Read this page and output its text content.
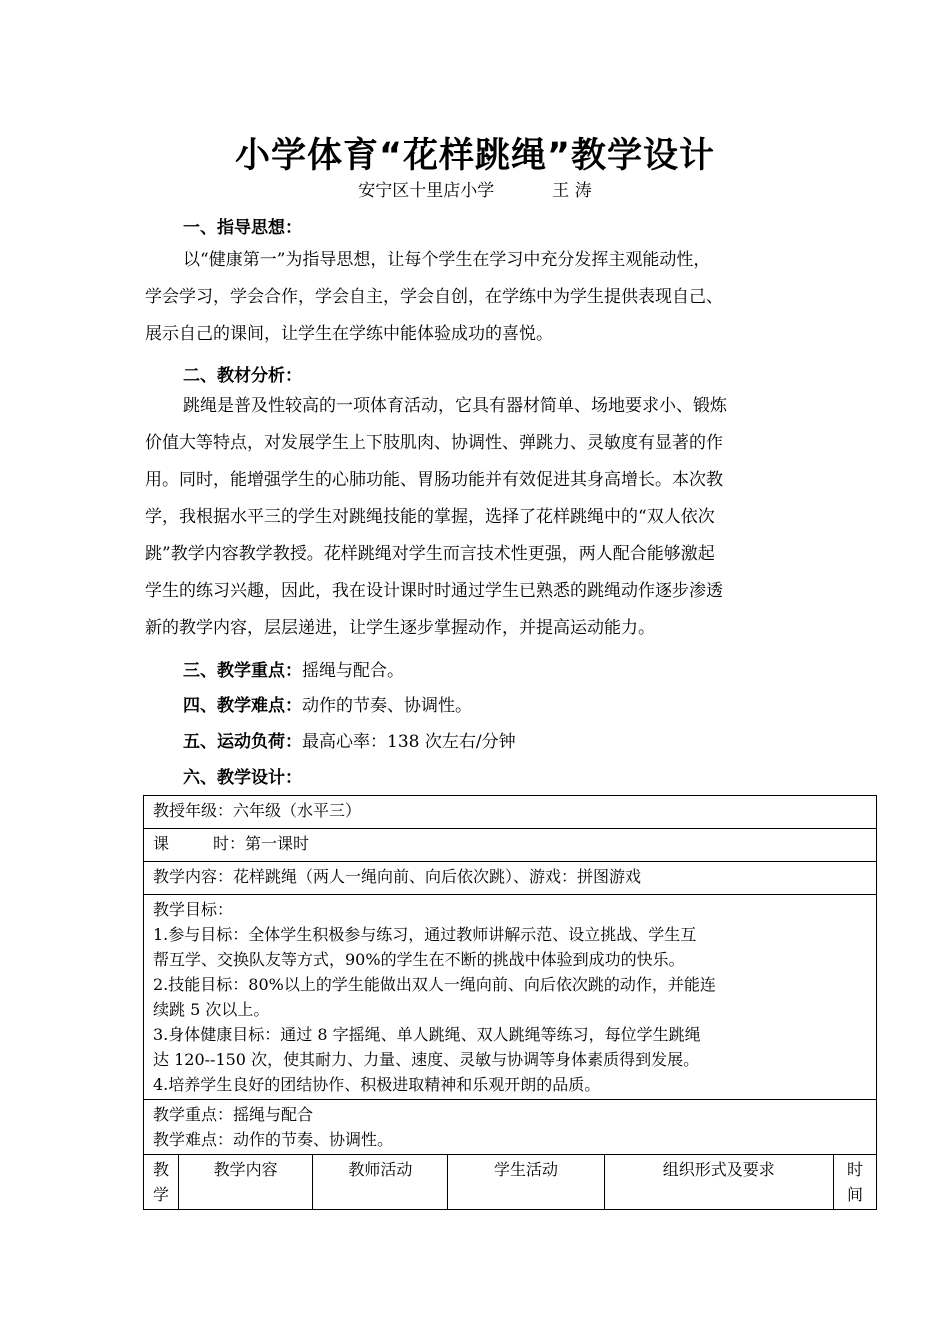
小学体育“花样跳绳”教学设计
安宁区十里店小学	王 涛
一、指导思想：
以“健康第一”为指导思想，让每个学生在学习中充分发挥主观能动性，
学会学习，学会合作，学会自主，学会自创，在学练中为学生提供表现自己、
展示自己的课间，让学生在学练中能体验成功的喜悦。
二、教材分析：
跳绳是普及性较高的一项体育活动，它具有器材简单、场地要求小、锻炼
价值大等特点，对发展学生上下肢肌肉、协调性、弹跳力、灵敏度有显著的作
用。同时，能增强学生的心肺功能、胃肠功能并有效促进其身高增长。本次教
学，我根据水平三的学生对跳绳技能的掌握，选择了花样跳绳中的“双人依次
跳”教学内容教学教授。花样跳绳对学生而言技术性更强，两人配合能够激起
学生的练习兴趣，因此，我在设计课时时通过学生已熟悉的跳绳动作逐步渗透
新的教学内容，层层递进，让学生逐步掌握动作，并提高运动能力。
三、教学重点：摇绳与配合。
四、教学难点：动作的节奏、协调性。
五、运动负荷：最高心率：138 次左右/分钟
六、教学设计：
教授年级：六年级（水平三）
课	时：第一课时
教学内容：花样跳绳（两人一绳向前、向后依次跳）、游戏：拼图游戏

教学目标：
1.参与目标：全体学生积极参与练习，通过教师讲解示范、设立挑战、学生互
帮互学、交换队友等方式，90%的学生在不断的挑战中体验到成功的快乐。
2.技能目标：80%以上的学生能做出双人一绳向前、向后依次跳的动作，并能连
续跳 5 次以上。
3.身体健康目标：通过 8 字摇绳、单人跳绳、双人跳绳等练习，每位学生跳绳
达 120--150 次，使其耐力、力量、速度、灵敏与协调等身体素质得到发展。
4.培养学生良好的团结协作、积极进取精神和乐观开朗的品质。

教学重点：摇绳与配合
教学难点：动作的节奏、协调性。

教学	教学内容	教师活动	学生活动	组织形式及要求	时间
